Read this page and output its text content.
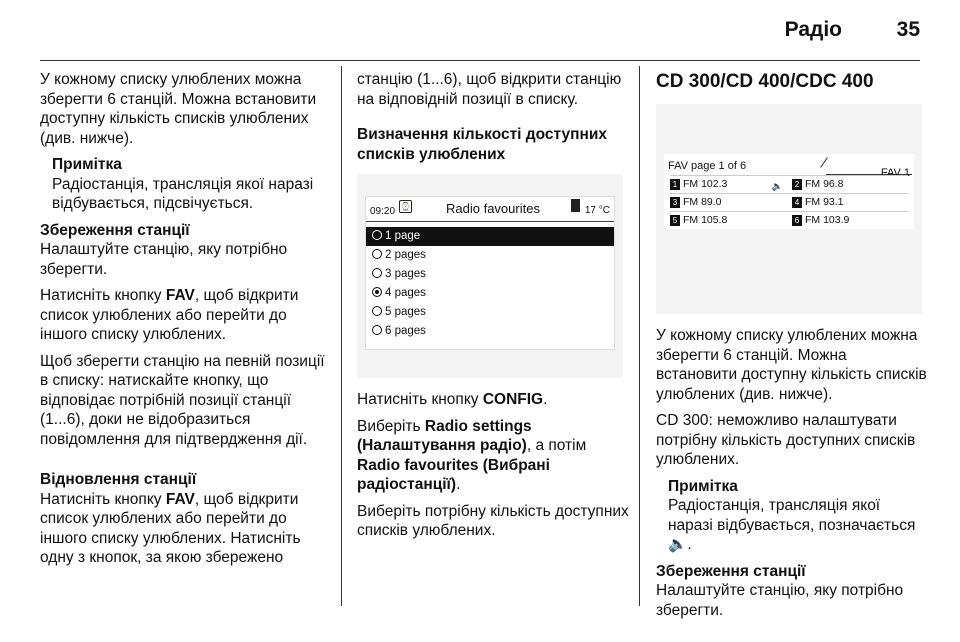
Радіо	35

У кожному списку улюблених можна зберегти 6 станцій. Можна встановити доступну кількість списків улюблених (див. нижче).

Примітка
Радіостанція, трансляція якої наразі відбувається, підсвічується.
Збереження станції

Налаштуйте станцію, яку потрібно зберегти.

Натисніть кнопку FAV, щоб відкрити список улюблених або перейти до іншого списку улюблених.

Щоб зберегти станцію на певній позиції в списку: натискайте кнопку, що відповідає потрібній позиції станції (1...6), доки не відобразиться повідомлення для підтвердження дії.

Відновлення станції

Натисніть кнопку FAV, щоб відкрити список улюблених або перейти до іншого списку улюблених. Натисніть одну з кнопок, за якою збережено

станцію (1...6), щоб відкрити станцію на відповідній позиції в списку.

Визначення кількості доступних списків улюблених
09:20 ⌚	Radio favourites	17 °C
1 page
2 pages
3 pages
4 pages
5 pages
6 pages

Натисніть кнопку CONFIG.

Виберіть Radio settings (Налаштування радіо), а потім Radio favourites (Вибрані радіостанції).

Виберіть потрібну кількість доступних списків улюблених.

CD 300/CD 400/CDC 400
FAV page 1 of 6
FAV 1
1 FM 102.3	🔈	2 FM 96.8
3 FM 89.0	4 FM 93.1
5 FM 105.8	6 FM 103.9

У кожному списку улюблених можна зберегти 6 станцій. Можна встановити доступну кількість списків улюблених (див. нижче).

CD 300: неможливо налаштувати потрібну кількість доступних списків улюблених.

Примітка
Радіостанція, трансляція якої наразі відбувається, позначається 🔈.
Збереження станції

Налаштуйте станцію, яку потрібно зберегти.
